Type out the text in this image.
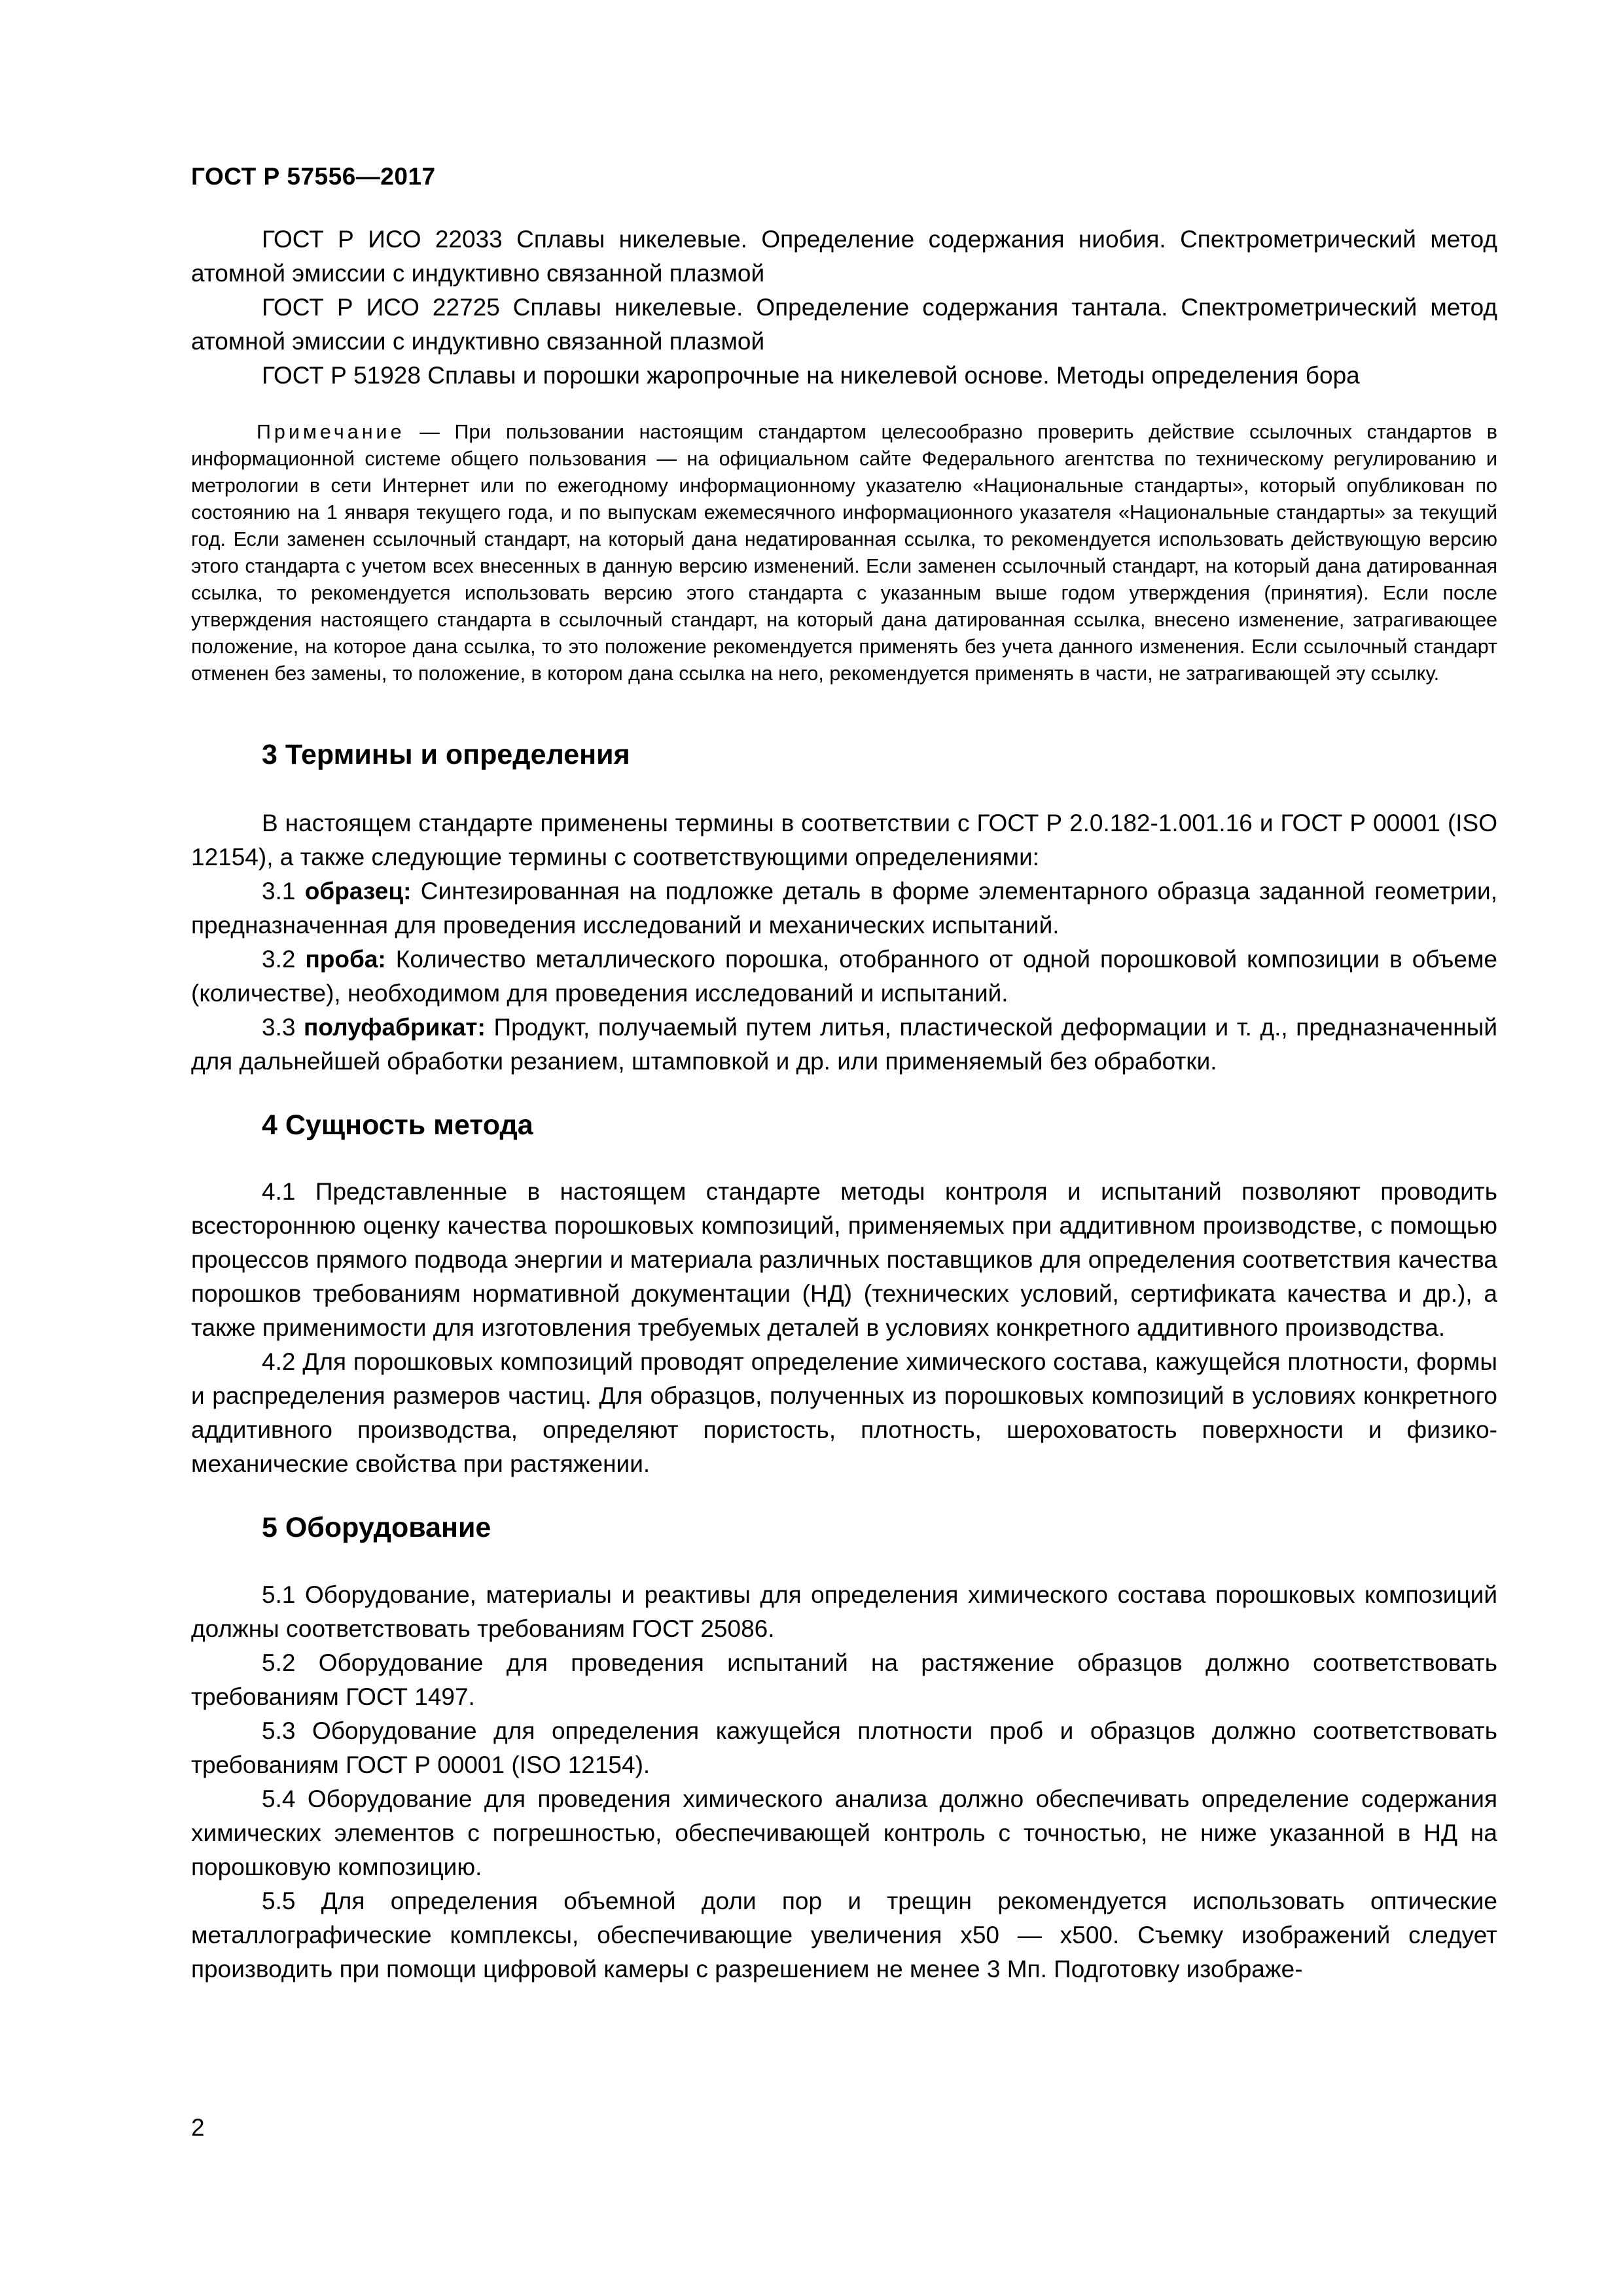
ГОСТ Р 57556—2017

ГОСТ Р ИСО 22033 Сплавы никелевые. Определение содержания ниобия. Спектрометрический метод атомной эмиссии с индуктивно связанной плазмой

ГОСТ Р ИСО 22725 Сплавы никелевые. Определение содержания тантала. Спектрометрический метод атомной эмиссии с индуктивно связанной плазмой

ГОСТ Р 51928 Сплавы и порошки жаропрочные на никелевой основе. Методы определения бора

Примечание — При пользовании настоящим стандартом целесообразно проверить действие ссылочных стандартов в информационной системе общего пользования — на официальном сайте Федерального агентства по техническому регулированию и метрологии в сети Интернет или по ежегодному информационному указателю «Национальные стандарты», который опубликован по состоянию на 1 января текущего года, и по выпускам ежемесячного информационного указателя «Национальные стандарты» за текущий год. Если заменен ссылочный стандарт, на который дана недатированная ссылка, то рекомендуется использовать действующую версию этого стандарта с учетом всех внесенных в данную версию изменений. Если заменен ссылочный стандарт, на который дана датированная ссылка, то рекомендуется использовать версию этого стандарта с указанным выше годом утверждения (принятия). Если после утверждения настоящего стандарта в ссылочный стандарт, на который дана датированная ссылка, внесено изменение, затрагивающее положение, на которое дана ссылка, то это положение рекомендуется применять без учета данного изменения. Если ссылочный стандарт отменен без замены, то положение, в котором дана ссылка на него, рекомендуется применять в части, не затрагивающей эту ссылку.

3 Термины и определения

В настоящем стандарте применены термины в соответствии с ГОСТ Р 2.0.182-1.001.16 и ГОСТ Р 00001 (ISO 12154), а также следующие термины с соответствующими определениями:

3.1 образец: Синтезированная на подложке деталь в форме элементарного образца заданной геометрии, предназначенная для проведения исследований и механических испытаний.

3.2 проба: Количество металлического порошка, отобранного от одной порошковой композиции в объеме (количестве), необходимом для проведения исследований и испытаний.

3.3 полуфабрикат: Продукт, получаемый путем литья, пластической деформации и т. д., предназначенный для дальнейшей обработки резанием, штамповкой и др. или применяемый без обработки.

4 Сущность метода

4.1 Представленные в настоящем стандарте методы контроля и испытаний позволяют проводить всестороннюю оценку качества порошковых композиций, применяемых при аддитивном производстве, с помощью процессов прямого подвода энергии и материала различных поставщиков для определения соответствия качества порошков требованиям нормативной документации (НД) (технических условий, сертификата качества и др.), а также применимости для изготовления требуемых деталей в условиях конкретного аддитивного производства.

4.2 Для порошковых композиций проводят определение химического состава, кажущейся плотности, формы и распределения размеров частиц. Для образцов, полученных из порошковых композиций в условиях конкретного аддитивного производства, определяют пористость, плотность, шероховатость поверхности и физико-механические свойства при растяжении.

5 Оборудование

5.1 Оборудование, материалы и реактивы для определения химического состава порошковых композиций должны соответствовать требованиям ГОСТ 25086.

5.2 Оборудование для проведения испытаний на растяжение образцов должно соответствовать требованиям ГОСТ 1497.

5.3 Оборудование для определения кажущейся плотности проб и образцов должно соответствовать требованиям ГОСТ Р 00001 (ISO 12154).

5.4 Оборудование для проведения химического анализа должно обеспечивать определение содержания химических элементов с погрешностью, обеспечивающей контроль с точностью, не ниже указанной в НД на порошковую композицию.

5.5 Для определения объемной доли пор и трещин рекомендуется использовать оптические металлографические комплексы, обеспечивающие увеличения x50 — x500. Съемку изображений следует производить при помощи цифровой камеры с разрешением не менее 3 Мп. Подготовку изображе-

2
